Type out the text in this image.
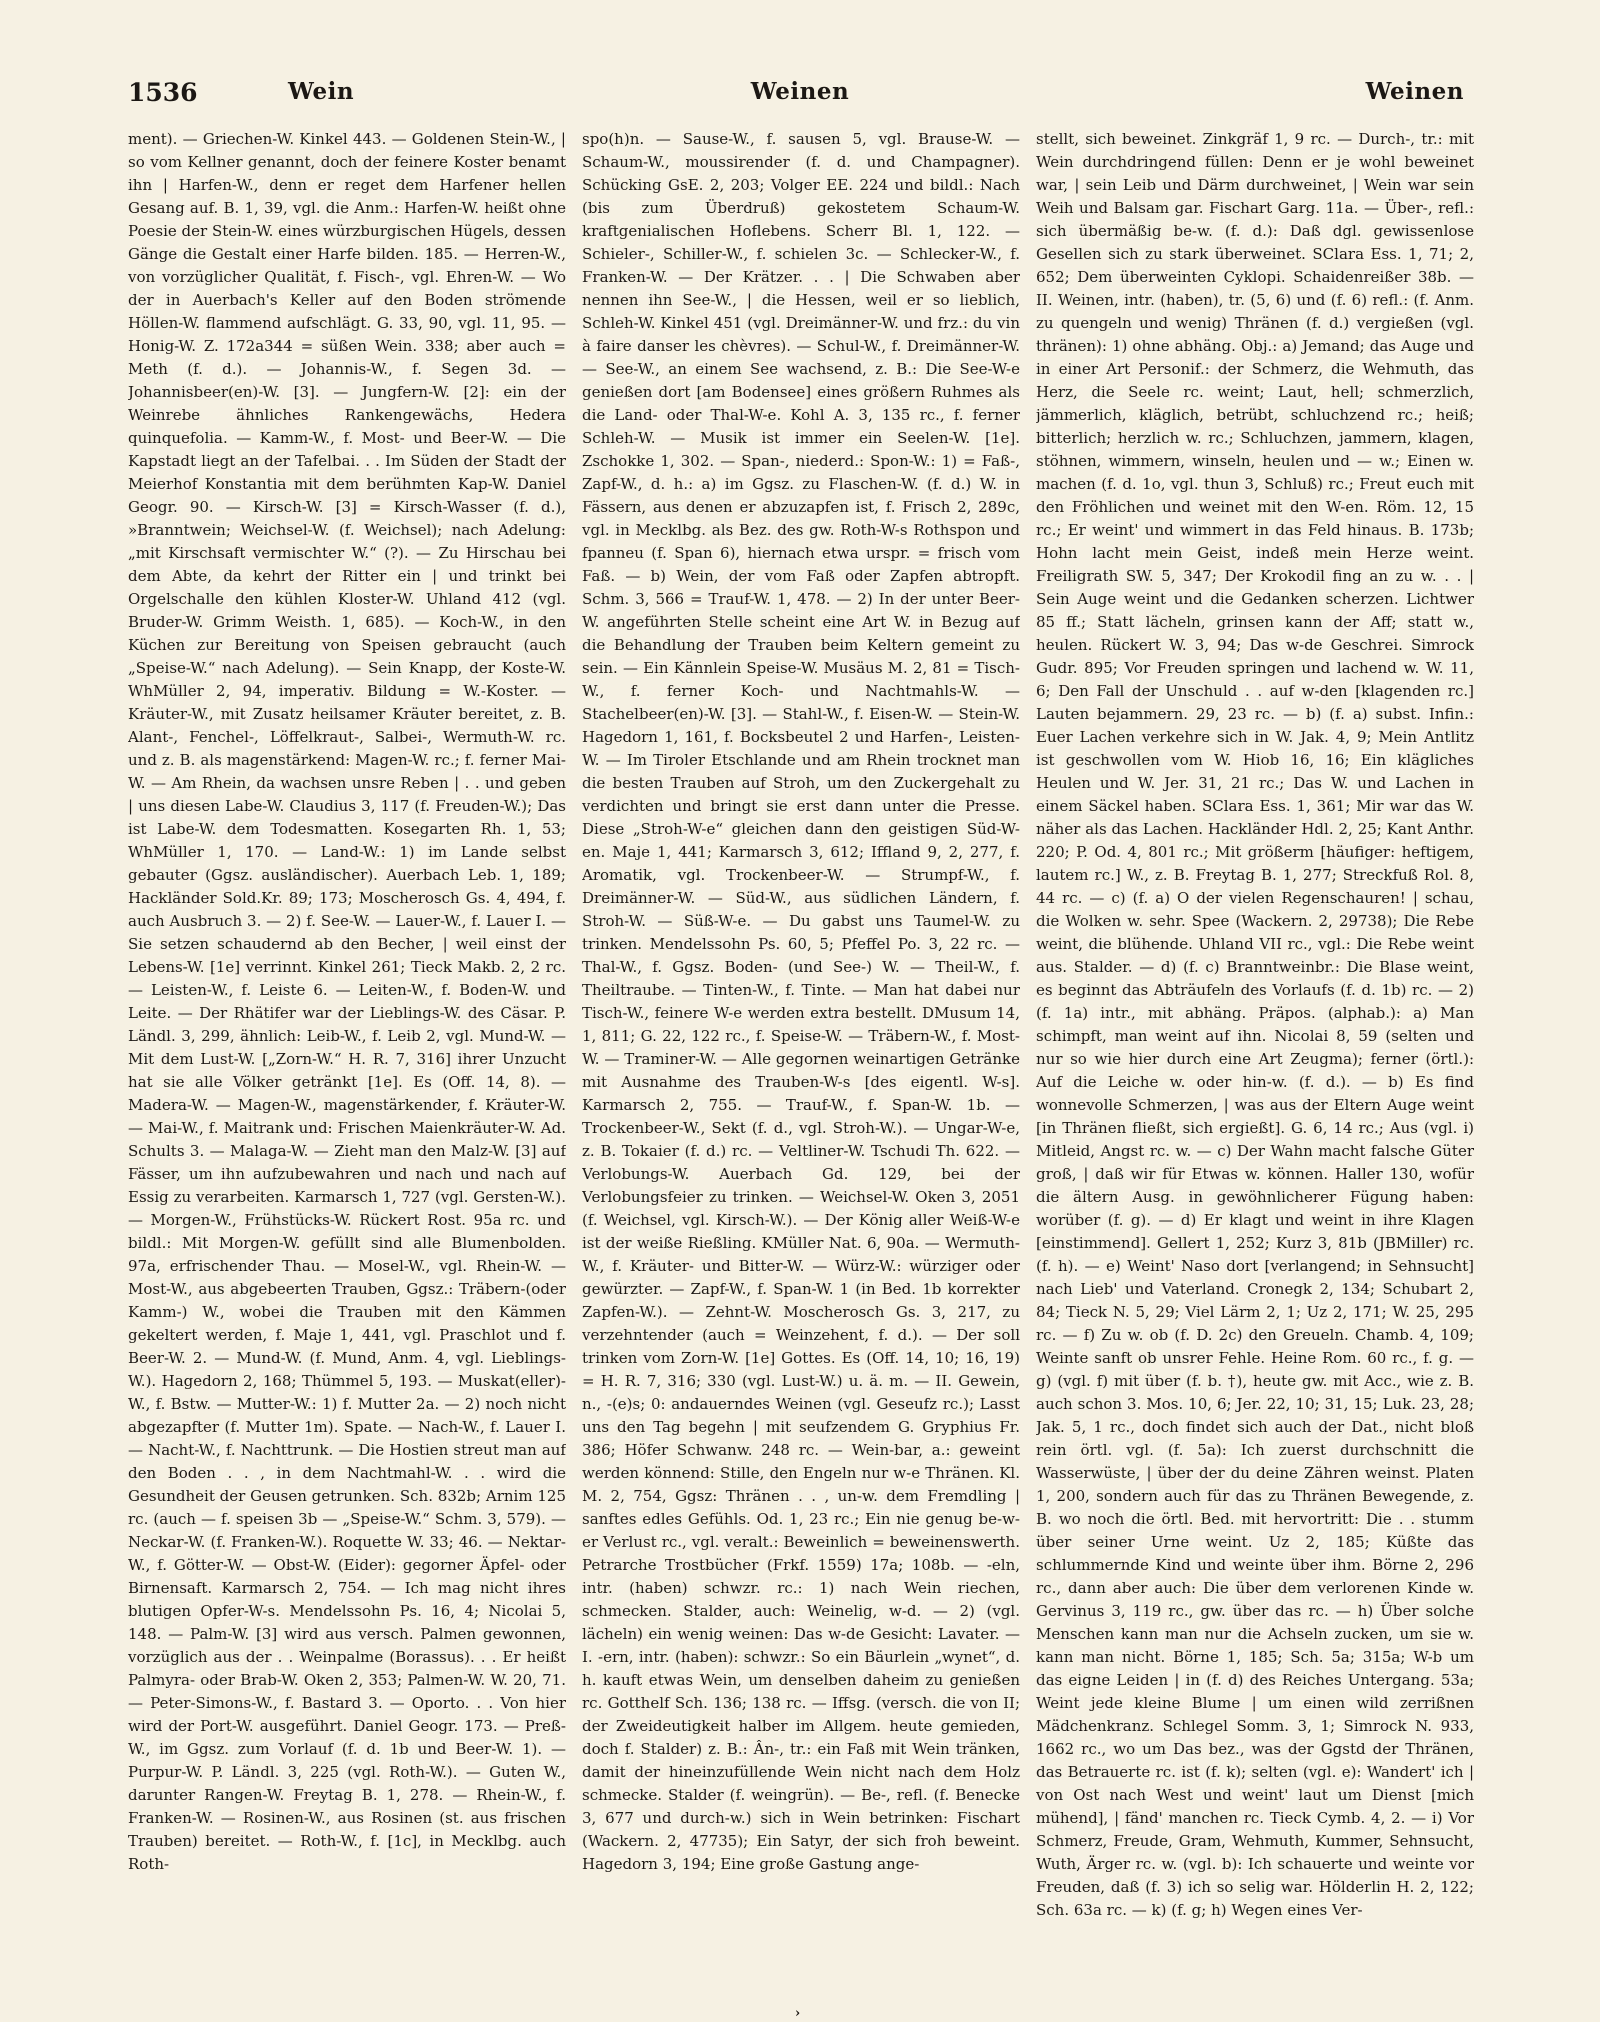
1536	Wein	Weinen	Weinen

ment). — Griechen-W. Kinkel 443. — Goldenen Stein-W., | so vom Kellner genannt, doch der feinere Koster benamt ihn | Harfen-W., denn er reget dem Harfener hellen Gesang auf. B. 1, 39, vgl. die Anm.: Harfen-W. heißt ohne Poesie der Stein-W. eines würzburgischen Hügels, dessen Gänge die Gestalt einer Harfe bilden. 185. — Herren-W., von vorzüglicher Qualität, f. Fisch-, vgl. Ehren-W. — Wo der in Auerbach's Keller auf den Boden strömende Höllen-W. flammend aufschlägt. G. 33, 90, vgl. 11, 95. — Honig-W. Z. 172a344 = süßen Wein. 338; aber auch = Meth (f. d.). — Johannis-W., f. Segen 3d. — Johannisbeer(en)-W. [3]. — Jungfern-W. [2]: ein der Weinrebe ähnliches Rankengewächs, Hedera quinquefolia. — Kamm-W., f. Most- und Beer-W. — Die Kapstadt liegt an der Tafelbai. . . Im Süden der Stadt der Meierhof Konstantia mit dem berühmten Kap-W. Daniel Geogr. 90. — Kirsch-W. [3] = Kirsch-Wasser (f. d.), »Branntwein; Weichsel-W. (f. Weichsel); nach Adelung: „mit Kirschsaft vermischter W.“ (?). — Zu Hirschau bei dem Abte, da kehrt der Ritter ein | und trinkt bei Orgelschalle den kühlen Kloster-W. Uhland 412 (vgl. Bruder-W. Grimm Weisth. 1, 685). — Koch-W., in den Küchen zur Bereitung von Speisen gebraucht (auch „Speise-W.“ nach Adelung). — Sein Knapp, der Koste-W. WhMüller 2, 94, imperativ. Bildung = W.-Koster. — Kräuter-W., mit Zusatz heilsamer Kräuter bereitet, z. B. Alant-, Fenchel-, Löffelkraut-, Salbei-, Wermuth-W. rc. und z. B. als magenstärkend: Magen-W. rc.; f. ferner Mai-W. — Am Rhein, da wachsen unsre Reben | . . und geben | uns diesen Labe-W. Claudius 3, 117 (f. Freuden-W.); Das ist Labe-W. dem Todesmatten. Kosegarten Rh. 1, 53; WhMüller 1, 170. — Land-W.: 1) im Lande selbst gebauter (Ggsz. ausländischer). Auerbach Leb. 1, 189; Hackländer Sold.Kr. 89; 173; Moscherosch Gs. 4, 494, f. auch Ausbruch 3. — 2) f. See-W. — Lauer-W., f. Lauer I. — Sie setzen schaudernd ab den Becher, | weil einst der Lebens-W. [1e] verrinnt. Kinkel 261; Tieck Makb. 2, 2 rc. — Leisten-W., f. Leiste 6. — Leiten-W., f. Boden-W. und Leite. — Der Rhätifer war der Lieblings-W. des Cäsar. P. Ländl. 3, 299, ähnlich: Leib-W., f. Leib 2, vgl. Mund-W. — Mit dem Lust-W. [„Zorn-W.“ H. R. 7, 316] ihrer Unzucht hat sie alle Völker getränkt [1e]. Es (Off. 14, 8). — Madera-W. — Magen-W., magenstärkender, f. Kräuter-W. — Mai-W., f. Maitrank und: Frischen Maienkräuter-W. Ad. Schults 3. — Malaga-W. — Zieht man den Malz-W. [3] auf Fässer, um ihn aufzubewahren und nach und nach auf Essig zu verarbeiten. Karmarsch 1, 727 (vgl. Gersten-W.). — Morgen-W., Frühstücks-W. Rückert Rost. 95a rc. und bildl.: Mit Morgen-W. gefüllt sind alle Blumenbolden. 97a, erfrischender Thau. — Mosel-W., vgl. Rhein-W. — Most-W., aus abgebeerten Trauben, Ggsz.: Träbern-(oder Kamm-) W., wobei die Trauben mit den Kämmen gekeltert werden, f. Maje 1, 441, vgl. Praschlot und f. Beer-W. 2. — Mund-W. (f. Mund, Anm. 4, vgl. Lieblings-W.). Hagedorn 2, 168; Thümmel 5, 193. — Muskat(eller)-W., f. Bstw. — Mutter-W.: 1) f. Mutter 2a. — 2) noch nicht abgezapfter (f. Mutter 1m). Spate. — Nach-W., f. Lauer I. — Nacht-W., f. Nachttrunk. — Die Hostien streut man auf den Boden . . , in dem Nachtmahl-W. . . wird die Gesundheit der Geusen getrunken. Sch. 832b; Arnim 125 rc. (auch — f. speisen 3b — „Speise-W.“ Schm. 3, 579). — Neckar-W. (f. Franken-W.). Roquette W. 33; 46. — Nektar-W., f. Götter-W. — Obst-W. (Eider): gegorner Äpfel- oder Birnensaft. Karmarsch 2, 754. — Ich mag nicht ihres blutigen Opfer-W-s. Mendelssohn Ps. 16, 4; Nicolai 5, 148. — Palm-W. [3] wird aus versch. Palmen gewonnen, vorzüglich aus der . . Weinpalme (Borassus). . . Er heißt Palmyra- oder Brab-W. Oken 2, 353; Palmen-W. W. 20, 71. — Peter-Simons-W., f. Bastard 3. — Oporto. . . Von hier wird der Port-W. ausgeführt. Daniel Geogr. 173. — Preß-W., im Ggsz. zum Vorlauf (f. d. 1b und Beer-W. 1). — Purpur-W. P. Ländl. 3, 225 (vgl. Roth-W.). — Guten W., darunter Rangen-W. Freytag B. 1, 278. — Rhein-W., f. Franken-W. — Rosinen-W., aus Rosinen (st. aus frischen Trauben) bereitet. — Roth-W., f. [1c], in Mecklbg. auch Roth-

spo(h)n. — Sause-W., f. sausen 5, vgl. Brause-W. — Schaum-W., moussirender (f. d. und Champagner). Schücking GsE. 2, 203; Volger EE. 224 und bildl.: Nach (bis zum Überdruß) gekostetem Schaum-W. kraftgenialischen Hoflebens. Scherr Bl. 1, 122. — Schieler-, Schiller-W., f. schielen 3c. — Schlecker-W., f. Franken-W. — Der Krätzer. . . | Die Schwaben aber nennen ihn See-W., | die Hessen, weil er so lieblich, Schleh-W. Kinkel 451 (vgl. Dreimänner-W. und frz.: du vin à faire danser les chèvres). — Schul-W., f. Dreimänner-W. — See-W., an einem See wachsend, z. B.: Die See-W-e genießen dort [am Bodensee] eines größern Ruhmes als die Land- oder Thal-W-e. Kohl A. 3, 135 rc., f. ferner Schleh-W. — Musik ist immer ein Seelen-W. [1e]. Zschokke 1, 302. — Span-, niederd.: Spon-W.: 1) = Faß-, Zapf-W., d. h.: a) im Ggsz. zu Flaschen-W. (f. d.) W. in Fässern, aus denen er abzuzapfen ist, f. Frisch 2, 289c, vgl. in Mecklbg. als Bez. des gw. Roth-W-s Rothspon und fpanneu (f. Span 6), hiernach etwa urspr. = frisch vom Faß. — b) Wein, der vom Faß oder Zapfen abtropft. Schm. 3, 566 = Trauf-W. 1, 478. — 2) In der unter Beer-W. angeführten Stelle scheint eine Art W. in Bezug auf die Behandlung der Trauben beim Keltern gemeint zu sein. — Ein Kännlein Speise-W. Musäus M. 2, 81 = Tisch-W., f. ferner Koch- und Nachtmahls-W. — Stachelbeer(en)-W. [3]. — Stahl-W., f. Eisen-W. — Stein-W. Hagedorn 1, 161, f. Bocksbeutel 2 und Harfen-, Leisten-W. — Im Tiroler Etschlande und am Rhein trocknet man die besten Trauben auf Stroh, um den Zuckergehalt zu verdichten und bringt sie erst dann unter die Presse. Diese „Stroh-W-e“ gleichen dann den geistigen Süd-W-en. Maje 1, 441; Karmarsch 3, 612; Iffland 9, 2, 277, f. Aromatik, vgl. Trockenbeer-W. — Strumpf-W., f. Dreimänner-W. — Süd-W., aus südlichen Ländern, f. Stroh-W. — Süß-W-e. — Du gabst uns Taumel-W. zu trinken. Mendelssohn Ps. 60, 5; Pfeffel Po. 3, 22 rc. — Thal-W., f. Ggsz. Boden- (und See-) W. — Theil-W., f. Theiltraube. — Tinten-W., f. Tinte. — Man hat dabei nur Tisch-W., feinere W-e werden extra bestellt. DMusum 14, 1, 811; G. 22, 122 rc., f. Speise-W. — Träbern-W., f. Most-W. — Traminer-W. — Alle gegornen weinartigen Getränke mit Ausnahme des Trauben-W-s [des eigentl. W-s]. Karmarsch 2, 755. — Trauf-W., f. Span-W. 1b. — Trockenbeer-W., Sekt (f. d., vgl. Stroh-W.). — Ungar-W-e, z. B. Tokaier (f. d.) rc. — Veltliner-W. Tschudi Th. 622. — Verlobungs-W. Auerbach Gd. 129, bei der Verlobungsfeier zu trinken. — Weichsel-W. Oken 3, 2051 (f. Weichsel, vgl. Kirsch-W.). — Der König aller Weiß-W-e ist der weiße Rießling. KMüller Nat. 6, 90a. — Wermuth-W., f. Kräuter- und Bitter-W. — Würz-W.: würziger oder gewürzter. — Zapf-W., f. Span-W. 1 (in Bed. 1b korrekter Zapfen-W.). — Zehnt-W. Moscherosch Gs. 3, 217, zu verzehntender (auch = Weinzehent, f. d.). — Der soll trinken vom Zorn-W. [1e] Gottes. Es (Off. 14, 10; 16, 19) = H. R. 7, 316; 330 (vgl. Lust-W.) u. ä. m. — II. Gewein, n., -(e)s; 0: andauerndes Weinen (vgl. Geseufz rc.); Lasst uns den Tag begehn | mit seufzendem G. Gryphius Fr. 386; Höfer Schwanw. 248 rc. — Wein-bar, a.: geweint werden könnend: Stille, den Engeln nur w-e Thränen. Kl. M. 2, 754, Ggsz: Thränen . . , un-w. dem Fremdling | sanftes edles Gefühls. Od. 1, 23 rc.; Ein nie genug be-w-er Verlust rc., vgl. veralt.: Beweinlich = beweinenswerth. Petrarche Trostbücher (Frkf. 1559) 17a; 108b. — -eln, intr. (haben) schwzr. rc.: 1) nach Wein riechen, schmecken. Stalder, auch: Weinelig, w-d. — 2) (vgl. lächeln) ein wenig weinen: Das w-de Gesicht: Lavater. — I. -ern, intr. (haben): schwzr.: So ein Bäurlein „wynet“, d. h. kauft etwas Wein, um denselben daheim zu genießen rc. Gotthelf Sch. 136; 138 rc. — Iffsg. (versch. die von II; der Zweideutigkeit halber im Allgem. heute gemieden, doch f. Stalder) z. B.: Ân-, tr.: ein Faß mit Wein tränken, damit der hineinzufüllende Wein nicht nach dem Holz schmecke. Stalder (f. weingrün). — Be-, refl. (f. Benecke 3, 677 und durch-w.) sich in Wein betrinken: Fischart (Wackern. 2, 47735); Ein Satyr, der sich froh beweint. Hagedorn 3, 194; Eine große Gastung ange-

stellt, sich beweinet. Zinkgräf 1, 9 rc. — Durch-, tr.: mit Wein durchdringend füllen: Denn er je wohl beweinet war, | sein Leib und Därm durchweinet, | Wein war sein Weih und Balsam gar. Fischart Garg. 11a. — Über-, refl.: sich übermäßig be-w. (f. d.): Daß dgl. gewissenlose Gesellen sich zu stark überweinet. SClara Ess. 1, 71; 2, 652; Dem überweinten Cyklopi. Schaidenreißer 38b. — II. Weinen, intr. (haben), tr. (5, 6) und (f. 6) refl.: (f. Anm. zu quengeln und wenig) Thränen (f. d.) vergießen (vgl. thränen): 1) ohne abhäng. Obj.: a) Jemand; das Auge und in einer Art Personif.: der Schmerz, die Wehmuth, das Herz, die Seele rc. weint; Laut, hell; schmerzlich, jämmerlich, kläglich, betrübt, schluchzend rc.; heiß; bitterlich; herzlich w. rc.; Schluchzen, jammern, klagen, stöhnen, wimmern, winseln, heulen und — w.; Einen w. machen (f. d. 1o, vgl. thun 3, Schluß) rc.; Freut euch mit den Fröhlichen und weinet mit den W-en. Röm. 12, 15 rc.; Er weint' und wimmert in das Feld hinaus. B. 173b; Hohn lacht mein Geist, indeß mein Herze weint. Freiligrath SW. 5, 347; Der Krokodil fing an zu w. . . | Sein Auge weint und die Gedanken scherzen. Lichtwer 85 ff.; Statt lächeln, grinsen kann der Aff; statt w., heulen. Rückert W. 3, 94; Das w-de Geschrei. Simrock Gudr. 895; Vor Freuden springen und lachend w. W. 11, 6; Den Fall der Unschuld . . auf w-den [klagenden rc.] Lauten bejammern. 29, 23 rc. — b) (f. a) subst. Infin.: Euer Lachen verkehre sich in W. Jak. 4, 9; Mein Antlitz ist geschwollen vom W. Hiob 16, 16; Ein klägliches Heulen und W. Jer. 31, 21 rc.; Das W. und Lachen in einem Säckel haben. SClara Ess. 1, 361; Mir war das W. näher als das Lachen. Hackländer Hdl. 2, 25; Kant Anthr. 220; P. Od. 4, 801 rc.; Mit größerm [häufiger: heftigem, lautem rc.] W., z. B. Freytag B. 1, 277; Streckfuß Rol. 8, 44 rc. — c) (f. a) O der vielen Regenschauren! | schau, die Wolken w. sehr. Spee (Wackern. 2, 29738); Die Rebe weint, die blühende. Uhland VII rc., vgl.: Die Rebe weint aus. Stalder. — d) (f. c) Branntweinbr.: Die Blase weint, es beginnt das Abträufeln des Vorlaufs (f. d. 1b) rc. — 2) (f. 1a) intr., mit abhäng. Präpos. (alphab.): a) Man schimpft, man weint auf ihn. Nicolai 8, 59 (selten und nur so wie hier durch eine Art Zeugma); ferner (örtl.): Auf die Leiche w. oder hin-w. (f. d.). — b) Es find wonnevolle Schmerzen, | was aus der Eltern Auge weint [in Thränen fließt, sich ergießt]. G. 6, 14 rc.; Aus (vgl. i) Mitleid, Angst rc. w. — c) Der Wahn macht falsche Güter groß, | daß wir für Etwas w. können. Haller 130, wofür die ältern Ausg. in gewöhnlicherer Fügung haben: worüber (f. g). — d) Er klagt und weint in ihre Klagen [einstimmend]. Gellert 1, 252; Kurz 3, 81b (JBMiller) rc. (f. h). — e) Weint' Naso dort [verlangend; in Sehnsucht] nach Lieb' und Vaterland. Cronegk 2, 134; Schubart 2, 84; Tieck N. 5, 29; Viel Lärm 2, 1; Uz 2, 171; W. 25, 295 rc. — f) Zu w. ob (f. D. 2c) den Greueln. Chamb. 4, 109; Weinte sanft ob unsrer Fehle. Heine Rom. 60 rc., f. g. — g) (vgl. f) mit über (f. b. †), heute gw. mit Acc., wie z. B. auch schon 3. Mos. 10, 6; Jer. 22, 10; 31, 15; Luk. 23, 28; Jak. 5, 1 rc., doch findet sich auch der Dat., nicht bloß rein örtl. vgl. (f. 5a): Ich zuerst durchschnitt die Wasserwüste, | über der du deine Zähren weinst. Platen 1, 200, sondern auch für das zu Thränen Bewegende, z. B. wo noch die örtl. Bed. mit hervortritt: Die . . stumm über seiner Urne weint. Uz 2, 185; Küßte das schlummernde Kind und weinte über ihm. Börne 2, 296 rc., dann aber auch: Die über dem verlorenen Kinde w. Gervinus 3, 119 rc., gw. über das rc. — h) Über solche Menschen kann man nur die Achseln zucken, um sie w. kann man nicht. Börne 1, 185; Sch. 5a; 315a; W-b um das eigne Leiden | in (f. d) des Reiches Untergang. 53a; Weint jede kleine Blume | um einen wild zerrißnen Mädchenkranz. Schlegel Somm. 3, 1; Simrock N. 933, 1662 rc., wo um Das bez., was der Ggstd der Thränen, das Betrauerte rc. ist (f. k); selten (vgl. e): Wandert' ich | von Ost nach West und weint' laut um Dienst [mich mühend], | fänd' manchen rc. Tieck Cymb. 4, 2. — i) Vor Schmerz, Freude, Gram, Wehmuth, Kummer, Sehnsucht, Wuth, Ärger rc. w. (vgl. b): Ich schauerte und weinte vor Freuden, daß (f. 3) ich so selig war. Hölderlin H. 2, 122; Sch. 63a rc. — k) (f. g; h) Wegen eines Ver-

›
